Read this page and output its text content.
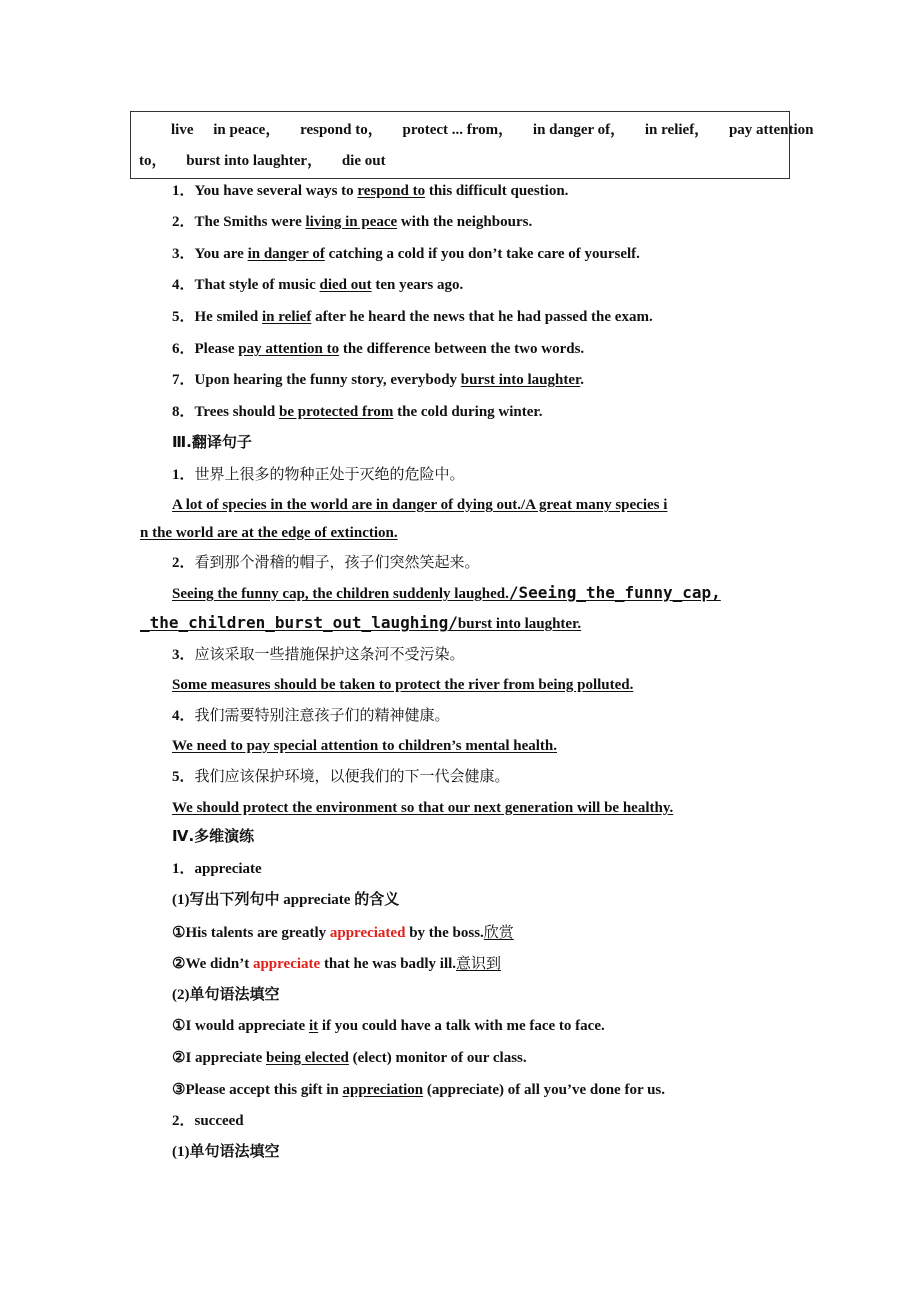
live in peace， respond to， protect ... from， in danger of， in relief， pay attention
to， burst into laughter， die out
1．You have several ways to respond to this difficult question.
2．The Smiths were living in peace with the neighbours.
3．You are in danger of catching a cold if you don’t take care of yourself.
4．That style of music died out ten years ago.
5．He smiled in relief after he heard the news that he had passed the exam.
6．Please pay attention to the difference between the two words.
7．Upon hearing the funny story, everybody burst into laughter.
8．Trees should be protected from the cold during winter.
Ⅲ.翻译句子
1．世界上很多的物种正处于灭绝的危险中。
A lot of species in the world are in danger of dying out./A great many species i
n the world are at the edge of extinction.
2．看到那个滑稽的帽子，孩子们突然笑起来。
Seeing the funny cap, the children suddenly laughed./Seeing_the_funny_cap,
_the_children_burst_out_laughing/burst into laughter.
3．应该采取一些措施保护这条河不受污染。
Some measures should be taken to protect the river from being polluted.
4．我们需要特别注意孩子们的精神健康。
We need to pay special attention to children’s mental health.
5．我们应该保护环境，以便我们的下一代会健康。
We should protect the environment so that our next generation will be healthy.
Ⅳ.多维演练
1．appreciate
(1)写出下列句中 appreciate 的含义
①His talents are greatly appreciated by the boss.欣赏
②We didn’t appreciate that he was badly ill.意识到
(2)单句语法填空
①I would appreciate it if you could have a talk with me face to face.
②I appreciate being elected (elect) monitor of our class.
③Please accept this gift in appreciation (appreciate) of all you’ve done for us.
2．succeed
(1)单句语法填空
